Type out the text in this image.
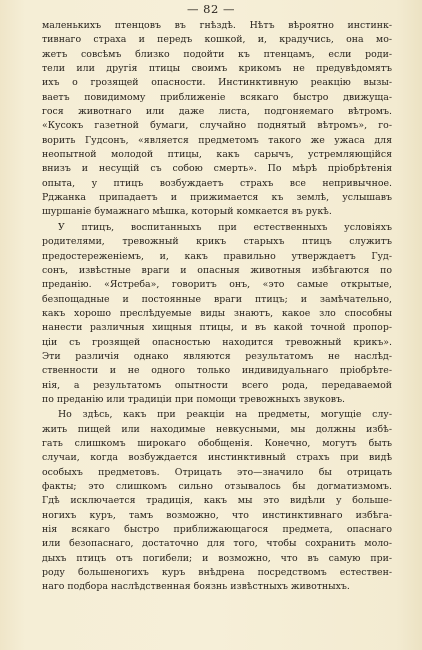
— 82 —
маленькихъ птенцовъ въ гнѣздѣ. Нѣтъ вѣроятно инстинк-
тивнаго страха и передъ кошкой, и, крадучись, она мо-
жетъ совсѣмъ близко подойти къ птенцамъ, если роди-
тели или другія птицы своимъ крикомъ не предувѣдомятъ
ихъ о грозящей опасности. Инстинктивную реакцію вызы-
ваетъ повидимому приближеніе всякаго быстро движуща-
гося животнаго или даже листа, подгоняемаго вѣтромъ.
«Кусокъ газетной бумаги, случайно поднятый вѣтромъ», го-
ворить Гудсонъ, «является предметомъ такого же ужаса для
неопытной молодой птицы, какъ сарычъ, устремляющійся
внизъ и несущій съ собою смерть». По мѣрѣ пріобрѣтенія
опыта, у птицъ возбуждаетъ страхъ все непривычное.
Рджанка припадаетъ и прижимается къ землѣ, услышавъ
шуршаніе бумажнаго мѣшка, который комкается въ рукѣ.
У птицъ, воспитанныхъ при естественныхъ условіяхъ
родителями, тревожный крикъ старыхъ птицъ служитъ
предостереженіемъ, и, какъ правильно утверждаетъ Гуд-
сонъ, извѣстные враги и опасныя животныя избѣгаются по
преданію. «Ястреба», говоритъ онъ, «это самые открытые,
безпощадные и постоянные враги птицъ; и замѣчательно,
какъ хорошо преслѣдуемые виды знаютъ, какое зло способны
нанести различныя хищныя птицы, и въ какой точной пропор-
ціи съ грозящей опасностью находится тревожный крикъ».
Эти различія однако являются результатомъ не наслѣд-
ственности и не одного только индивидуальнаго пріобрѣте-
нія, а результатомъ опытности всего рода, передаваемой
по преданію или традиціи при помощи тревожныхъ звуковъ.
Но здѣсь, какъ при реакціи на предметы, могущіе слу-
жить пищей или находимые невкусными, мы должны избѣ-
гать слишкомъ широкаго обобщенія. Конечно, могутъ быть
случаи, когда возбуждается инстинктивный страхъ при видѣ
особыхъ предметовъ. Отрицать это—значило бы отрицать
факты; это слишкомъ сильно отзывалось бы догматизмомъ.
Гдѣ исключается традиція, какъ мы это видѣли у больше-
ногихъ куръ, тамъ возможно, что инстинктивнаго избѣга-
нія всякаго быстро приближающагося предмета, опаснаго
или безопаснаго, достаточно для того, чтобы сохранить моло-
дыхъ птицъ отъ погибели; и возможно, что въ самую при-
роду большеногихъ куръ внѣдрена посредствомъ естествен-
наго подбора наслѣдственная боязнь извѣстныхъ животныхъ.
